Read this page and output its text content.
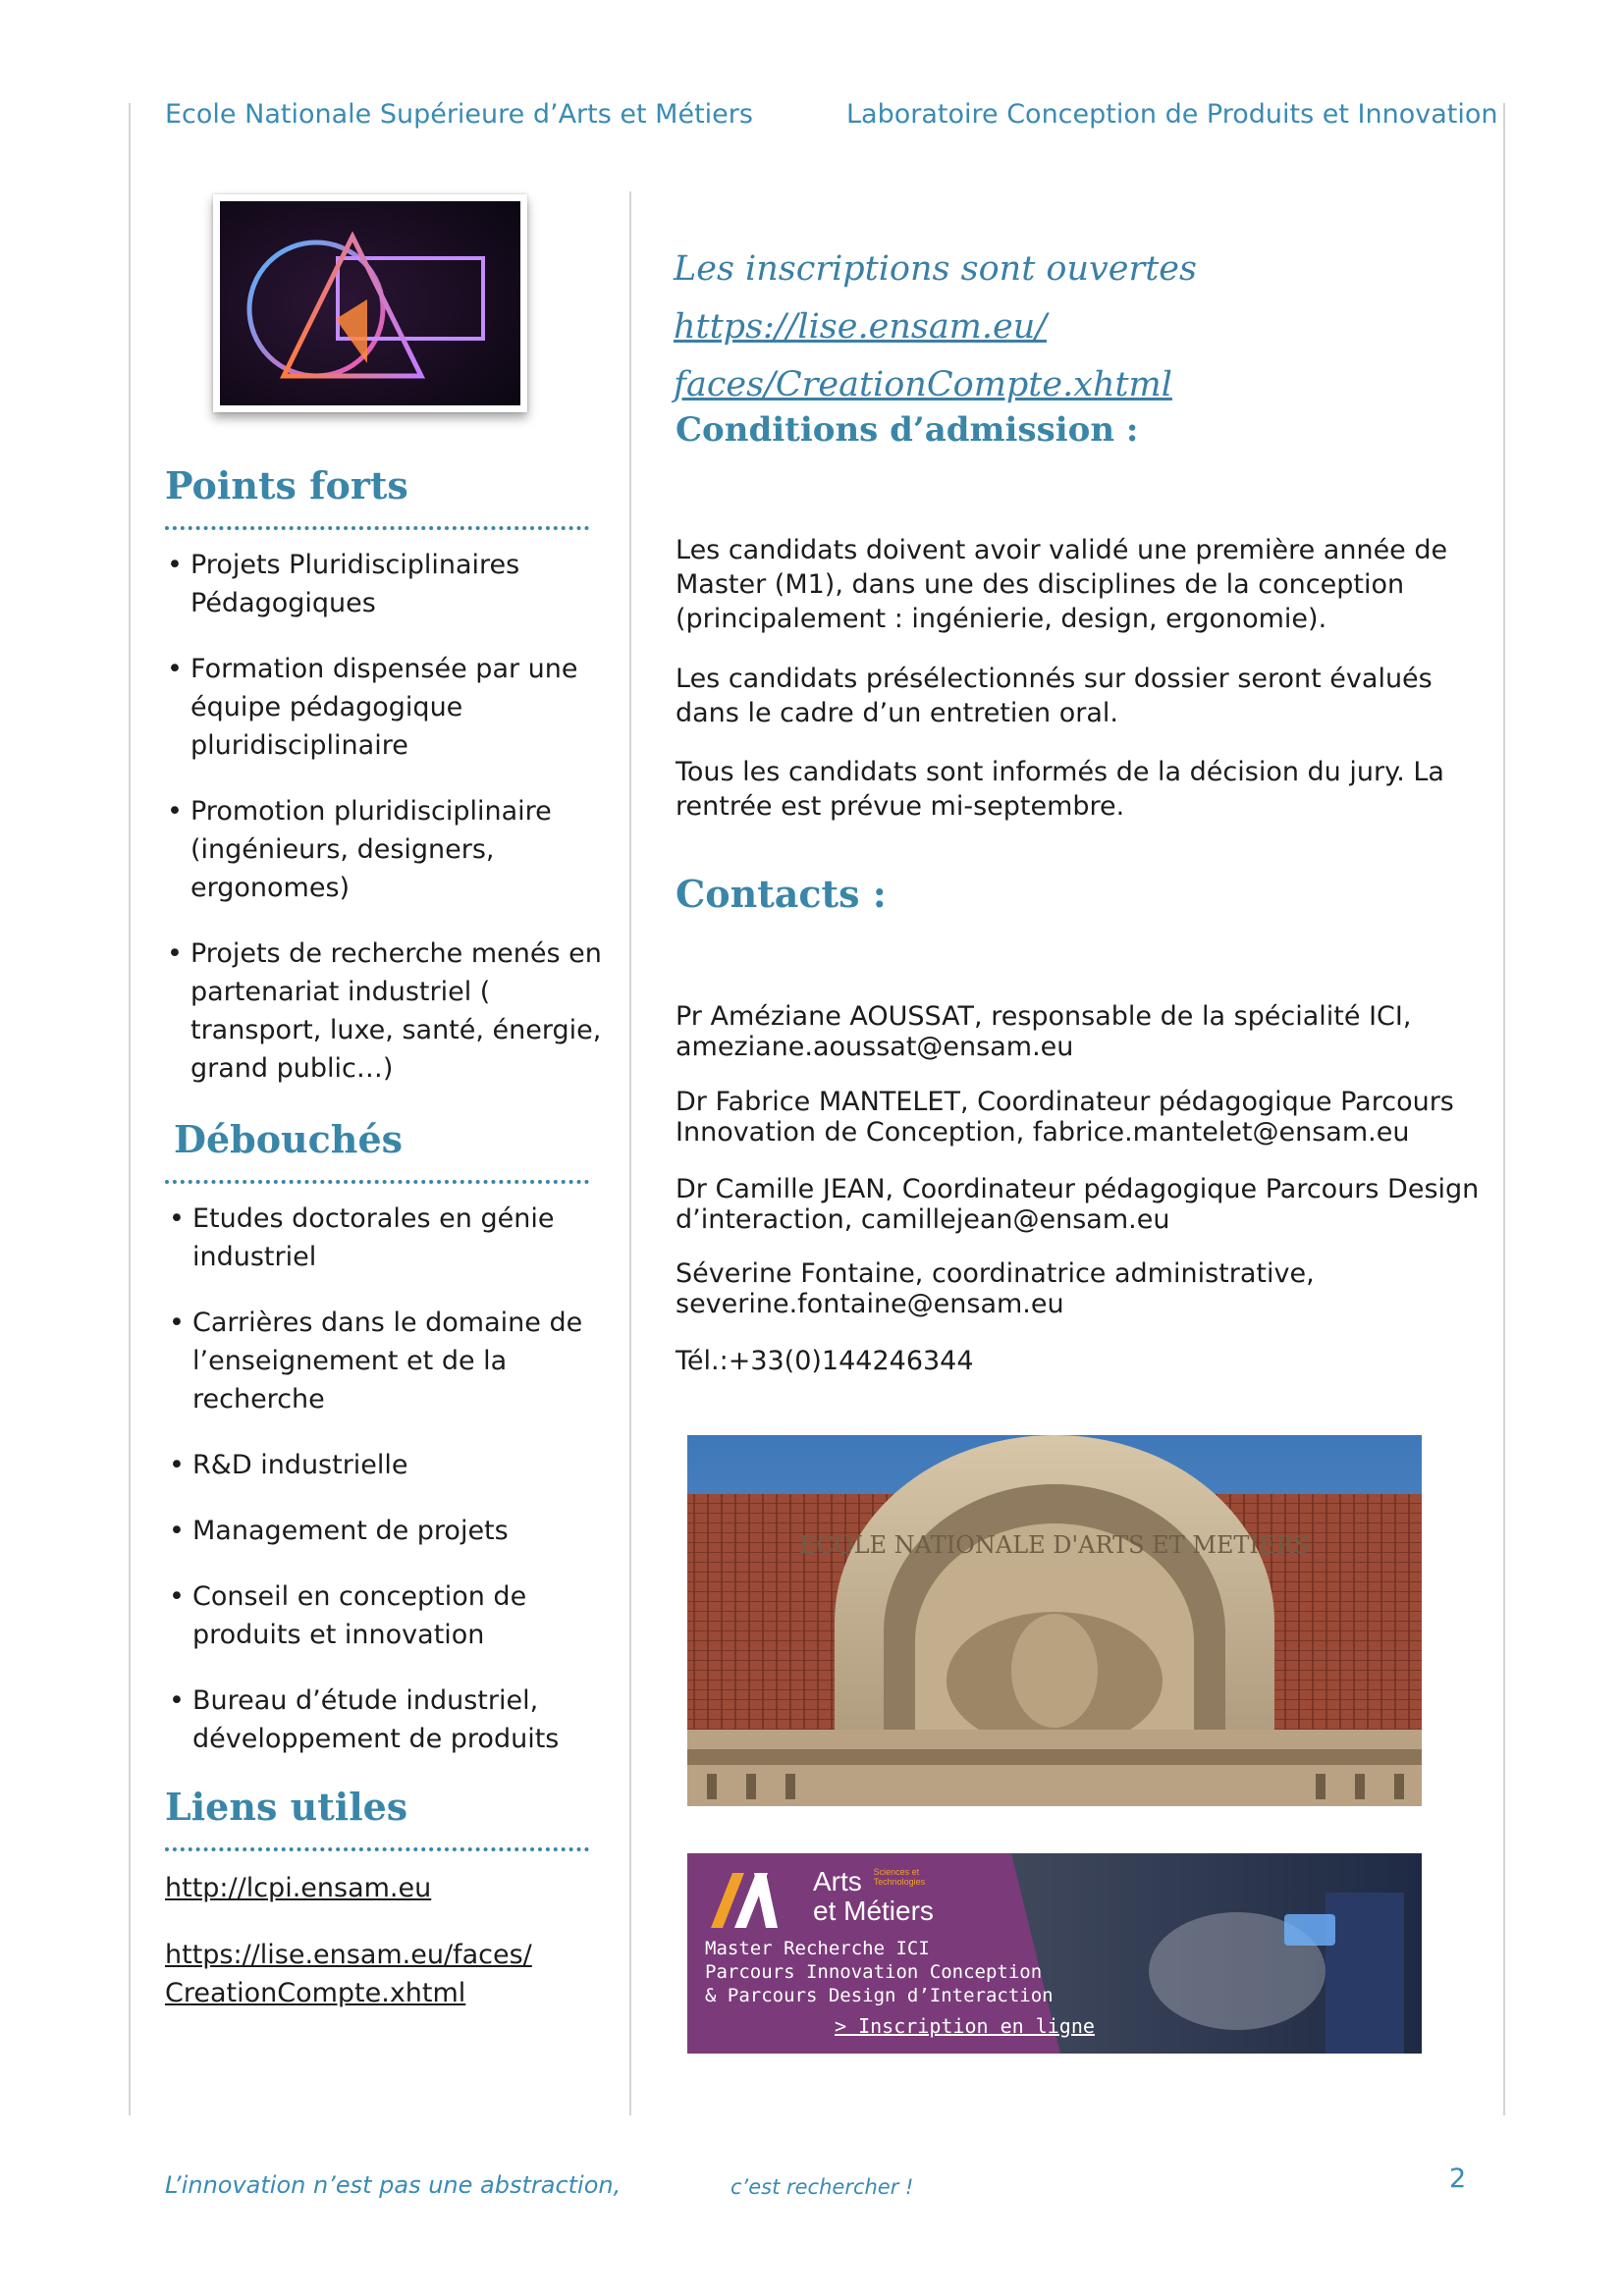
Ecole Nationale Supérieure d’Arts et Métiers	Laboratoire Conception de Produits et Innovation
Points forts
• Projets Pluridisciplinaires Pédagogiques
• Formation dispensée par une équipe pédagogique pluridisciplinaire
• Promotion pluridisciplinaire (ingénieurs, designers, ergonomes)
• Projets de recherche menés en partenariat industriel ( transport, luxe, santé, énergie, grand public…)
Débouchés
• Etudes doctorales en génie industriel
• Carrières dans le domaine de l’enseignement et de la recherche
• R&D industrielle
• Management de projets
• Conseil en conception de produits et innovation
• Bureau d’étude industriel, développement de produits
Liens utiles
http://lcpi.ensam.eu
https://lise.ensam.eu/faces/
CreationCompte.xhtml
Les inscriptions sont ouvertes https://lise.ensam.eu/
faces/CreationCompte.xhtml
Conditions d’admission :

Les candidats doivent avoir validé une première année de Master (M1), dans une des disciplines de la conception (principalement : ingénierie, design, ergonomie).

Les candidats présélectionnés sur dossier seront évalués dans le cadre d’un entretien oral.

Tous les candidats sont informés de la décision du jury. La rentrée est prévue mi-septembre.

Contacts :

Pr Améziane AOUSSAT, responsable de la spécialité ICI, ameziane.aoussat@ensam.eu

Dr Fabrice MANTELET, Coordinateur pédagogique Parcours Innovation de Conception, fabrice.mantelet@ensam.eu

Dr Camille JEAN, Coordinateur pédagogique Parcours Design d’interaction, camillejean@ensam.eu

Séverine Fontaine, coordinatrice administrative, severine.fontaine@ensam.eu

Tél.:+33(0)144246344

ECOLE NATIONALE D'ARTS ET METIERS
Arts Sciences et
Technologies
et Métiers
Master Recherche ICI
Parcours Innovation Conception
& Parcours Design d’Interaction
> Inscription en ligne
L’innovation n’est pas une abstraction,	c’est rechercher !	2
